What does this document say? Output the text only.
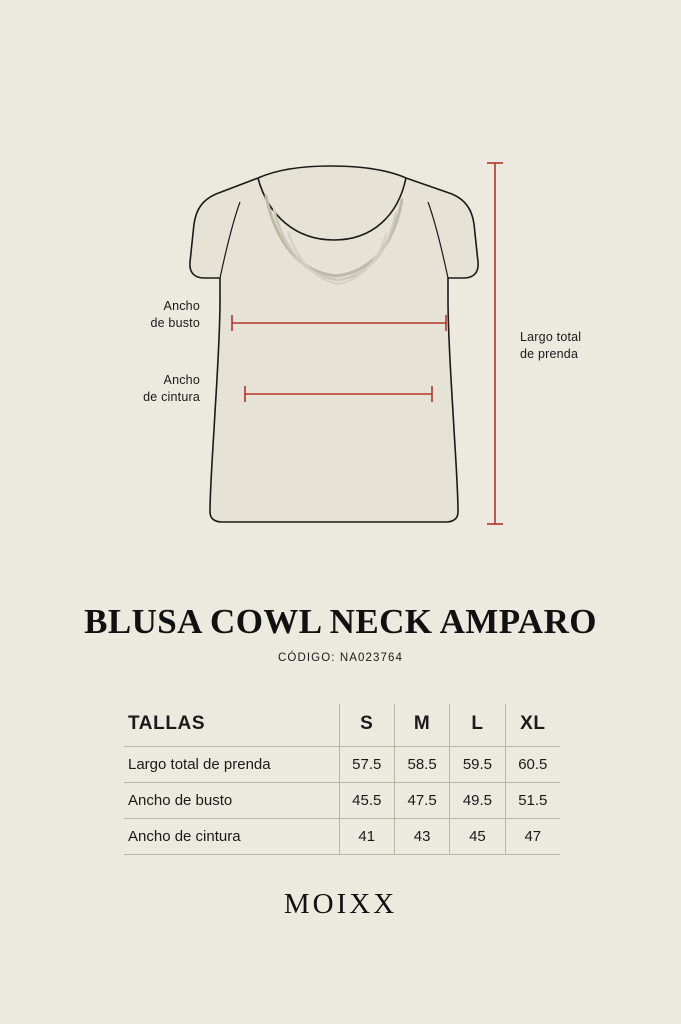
Ancho
de busto
Ancho
de cintura
Largo total
de prenda
BLUSA COWL NECK AMPARO
CÓDIGO: NA023764
TALLAS	S	M	L	XL
Largo total de prenda	57.5	58.5	59.5	60.5
Ancho de busto	45.5	47.5	49.5	51.5
Ancho de cintura	41	43	45	47
MOIXX
